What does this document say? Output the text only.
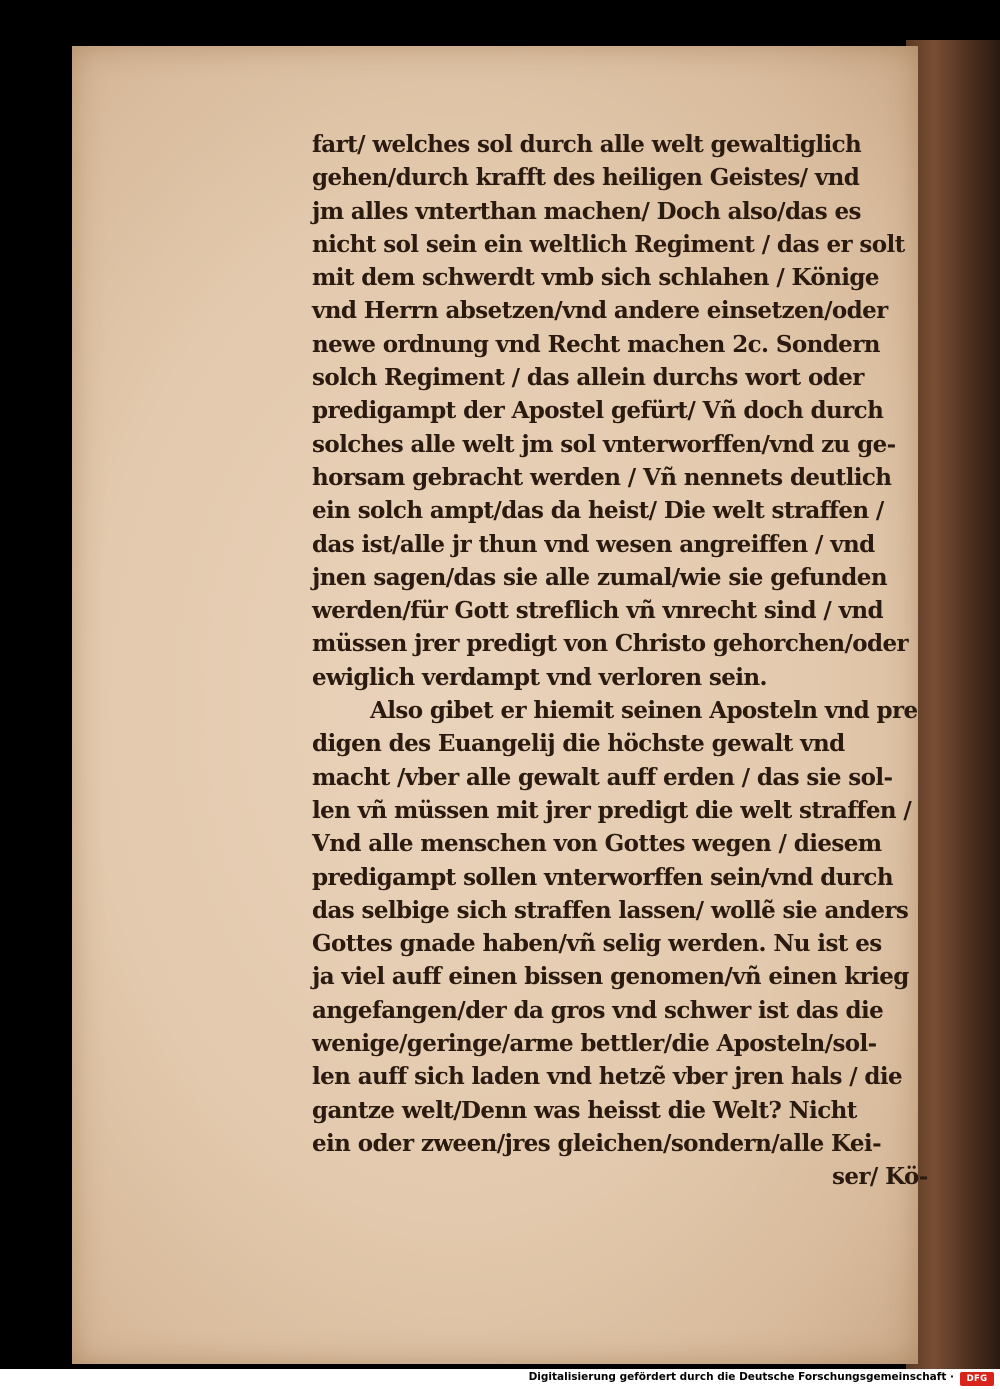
fart/ welches sol durch alle welt gewaltiglich
gehen/durch krafft des heiligen Geistes/ vnd
jm alles vnterthan machen/ Doch also/das es
nicht sol sein ein weltlich Regiment / das er solt
mit dem schwerdt vmb sich schlahen / Könige
vnd Herrn absetzen/vnd andere einsetzen/oder
newe ordnung vnd Recht machen 2c. Sondern
solch Regiment / das allein durchs wort oder
predigampt der Apostel gefürt/ Vñ doch durch
solches alle welt jm sol vnterworffen/vnd zu ge-
horsam gebracht werden / Vñ nennets deutlich
ein solch ampt/das da heist/ Die welt straffen /
das ist/alle jr thun vnd wesen angreiffen / vnd
jnen sagen/das sie alle zumal/wie sie gefunden
werden/für Gott streflich vñ vnrecht sind / vnd
müssen jrer predigt von Christo gehorchen/oder
ewiglich verdampt vnd verloren sein.
Also gibet er hiemit seinen Aposteln vnd pre
digen des Euangelij die höchste gewalt vnd
macht /vber alle gewalt auff erden / das sie sol-
len vñ müssen mit jrer predigt die welt straffen /
Vnd alle menschen von Gottes wegen / diesem
predigampt sollen vnterworffen sein/vnd durch
das selbige sich straffen lassen/ wollẽ sie anders
Gottes gnade haben/vñ selig werden. Nu ist es
ja viel auff einen bissen genomen/vñ einen krieg
angefangen/der da gros vnd schwer ist das die
wenige/geringe/arme bettler/die Aposteln/sol-
len auff sich laden vnd hetzẽ vber jren hals / die
gantze welt/Denn was heisst die Welt? Nicht
ein oder zween/jres gleichen/sondern/alle Kei-
ser/ Kö-
Digitalisierung gefördert durch die Deutsche Forschungsgemeinschaft ·	DFG
